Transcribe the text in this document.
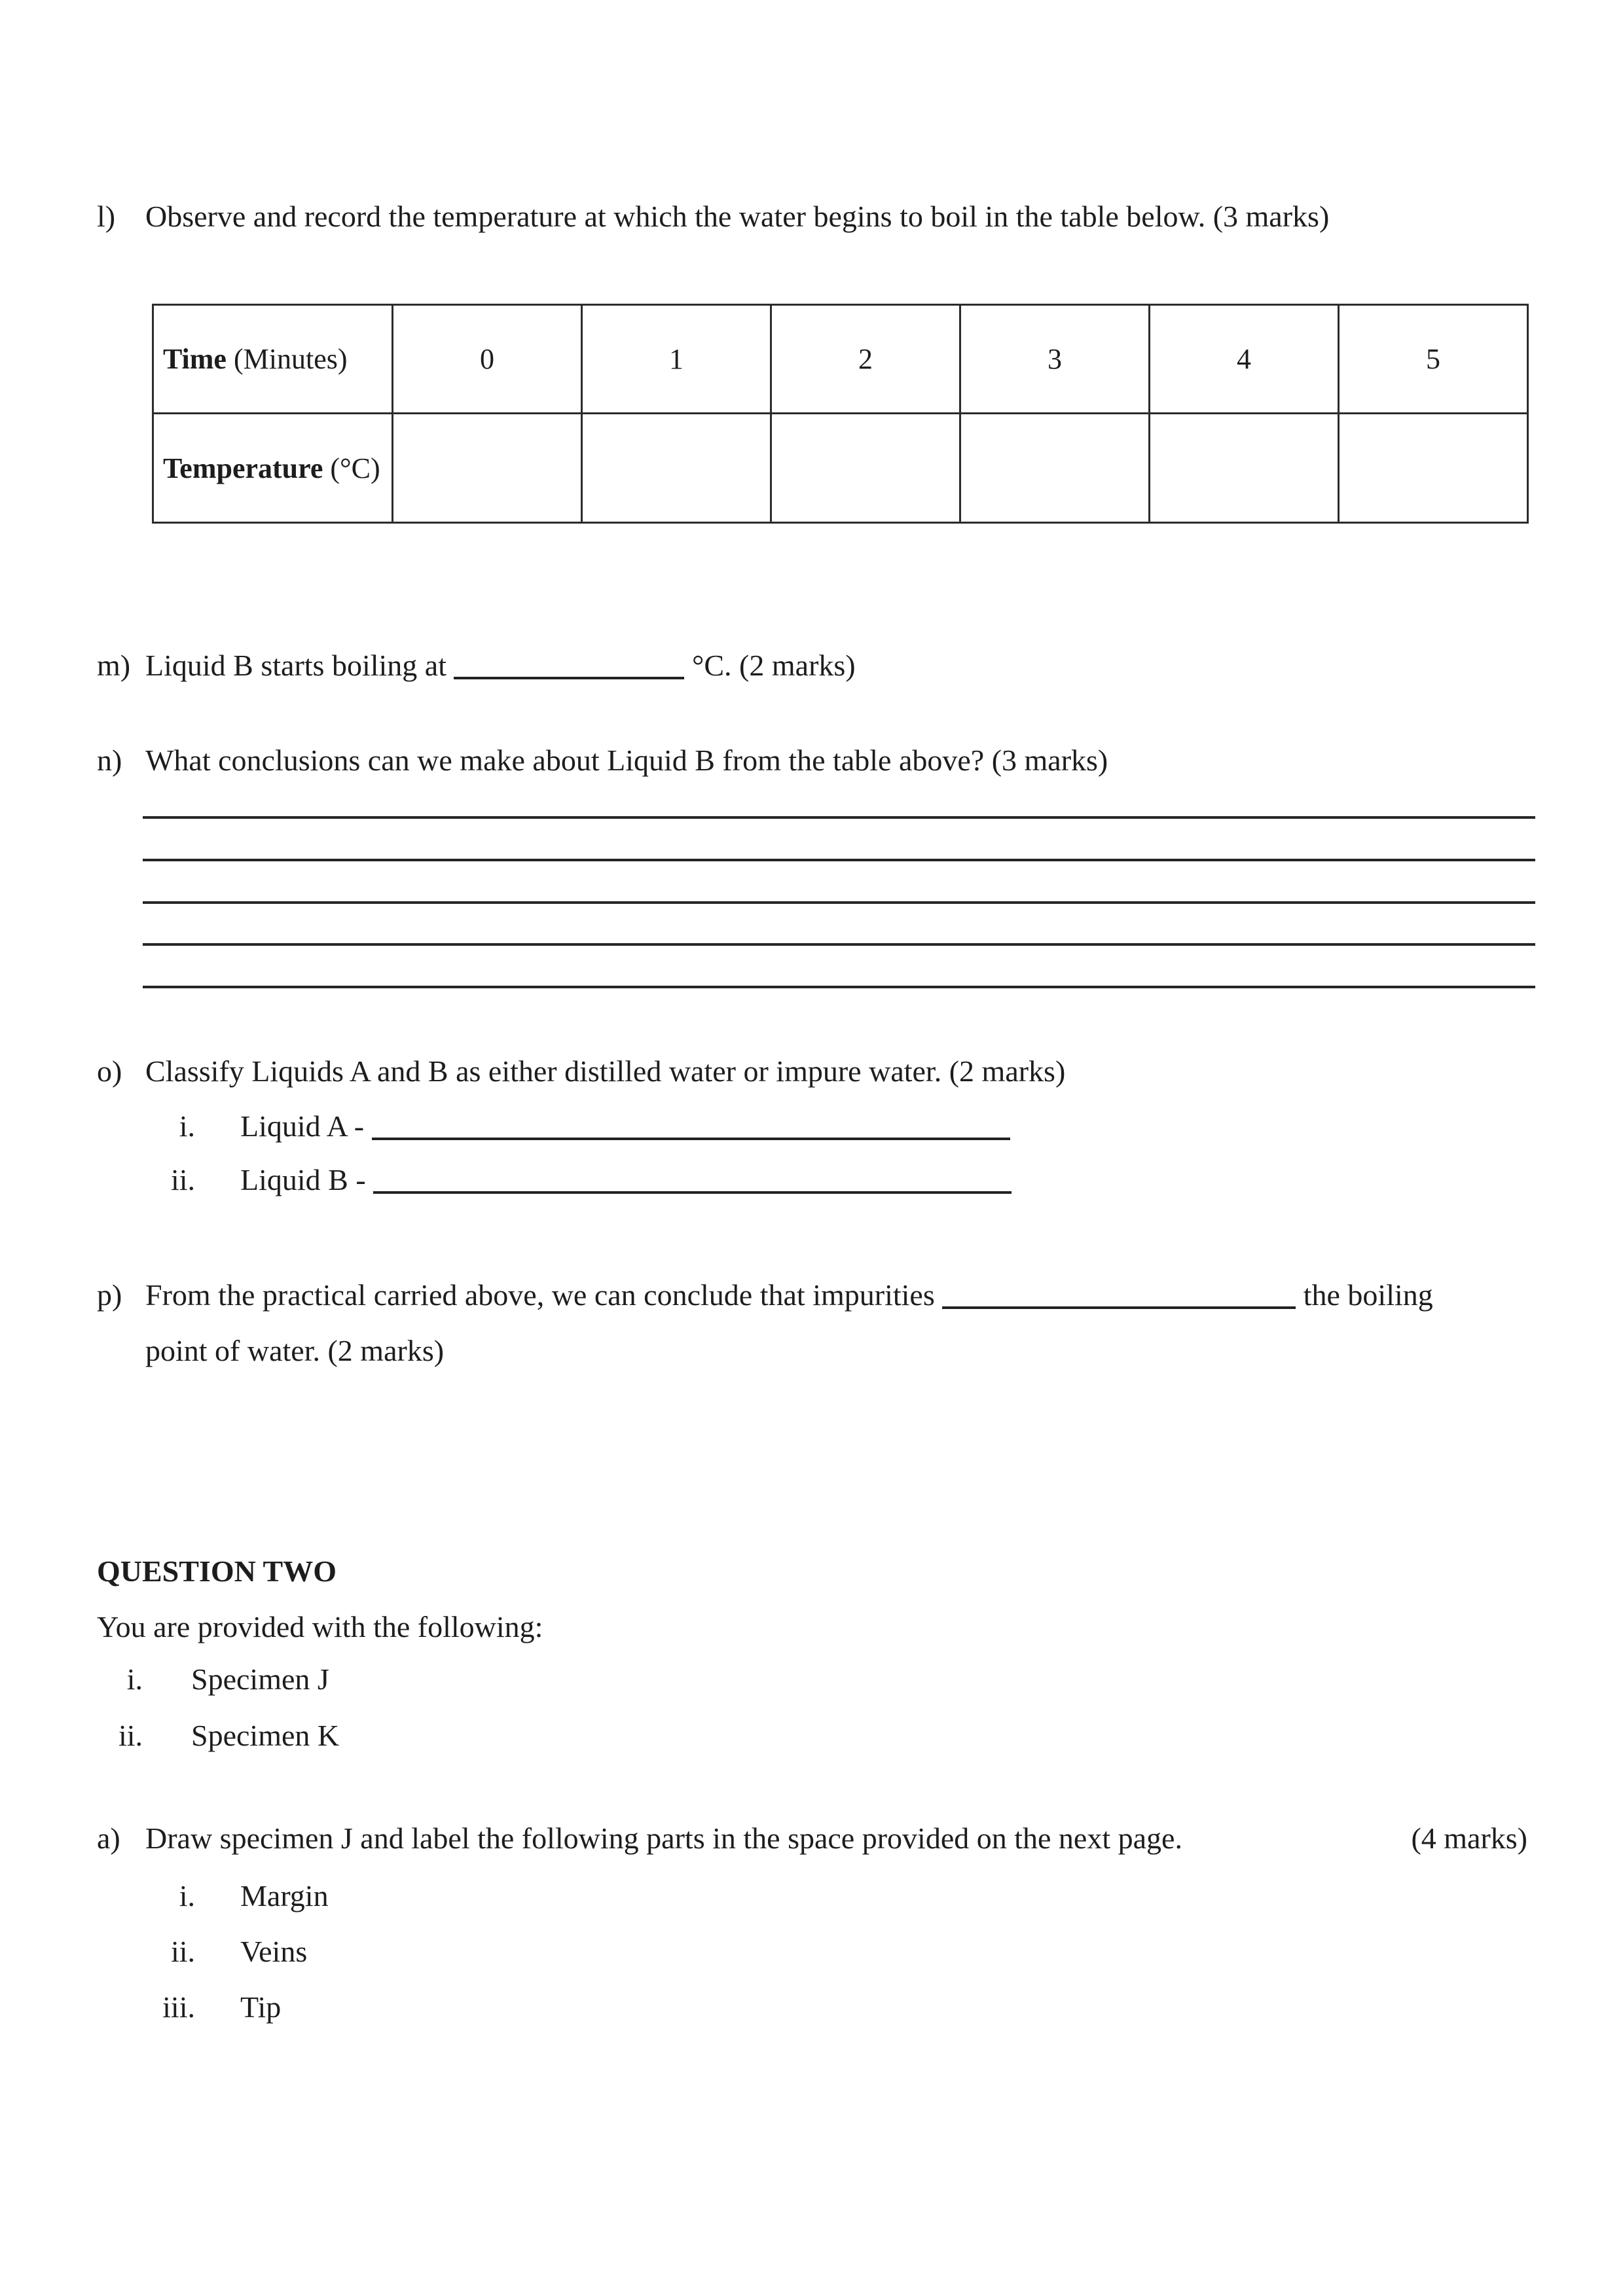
l) Observe and record the temperature at which the water begins to boil in the table below. (3 marks)
Time (Minutes)	0	1	2	3	4	5
Temperature (°C)						
m) Liquid B starts boiling at	°C. (2 marks)
n) What conclusions can we make about Liquid B from the table above? (3 marks)
o) Classify Liquids A and B as either distilled water or impure water. (2 marks)
i. Liquid A -
ii. Liquid B -
p) From the practical carried above, we can conclude that impurities	the boiling
point of water. (2 marks)
QUESTION TWO
You are provided with the following:
i. Specimen J
ii. Specimen K
a) Draw specimen J and label the following parts in the space provided on the next page.	(4 marks)
i. Margin
ii. Veins
iii. Tip
